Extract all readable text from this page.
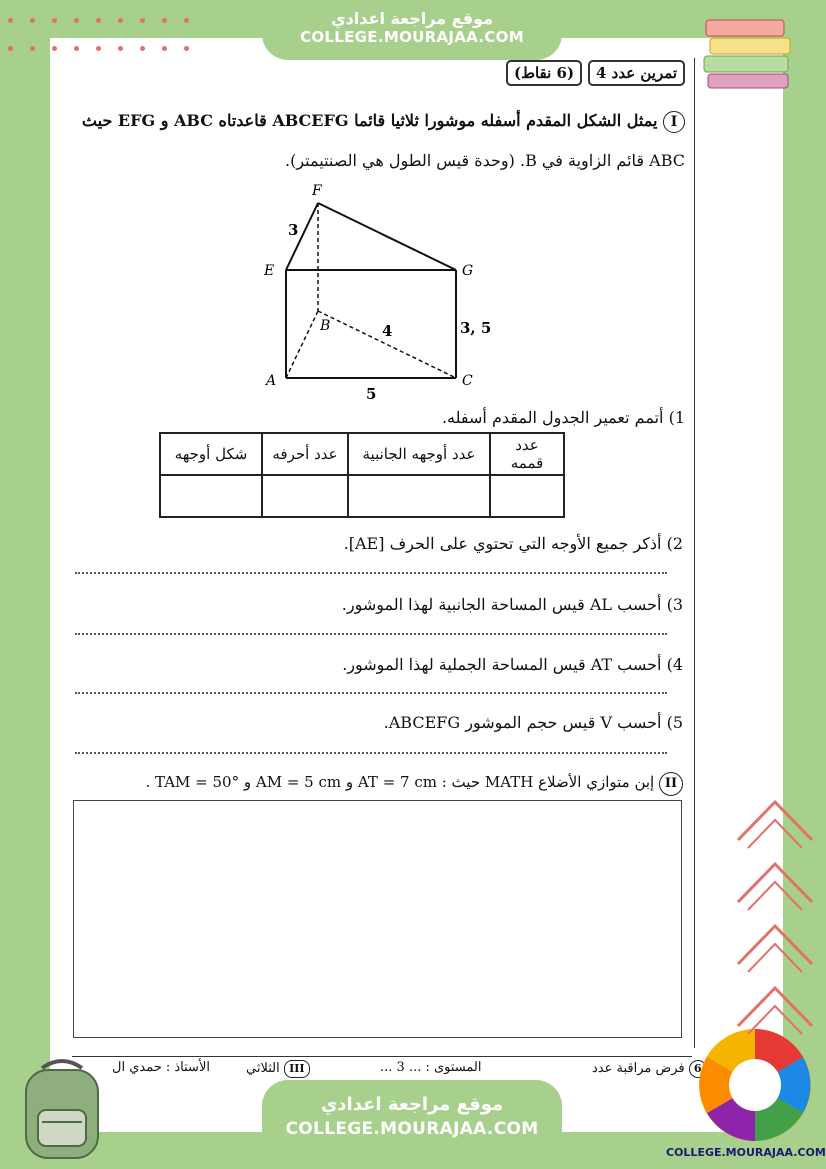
موقع مراجعة اعدادي
COLLEGE.MOURAJAA.COM
تمرين عدد 4
(6 نقاط)
I يمثل الشكل المقدم أسفله موشورا ثلاثيا قائما ABCEFG قاعدتاه ABC و EFG حيث
ABC قائم الزاوية في B. (وحدة قيس الطول هي الصنتيمتر).
F
E	G
B
A	C
3
4	3, 5
5
1) أتمم تعمير الجدول المقدم أسفله.
عدد قممه	عدد أوجهه الجانبية	عدد أحرفه	شكل أوجهه

2) أذكر جميع الأوجه التي تحتوي على الحرف [AE].
3) أحسب AL قيس المساحة الجانبية لهذا الموشور.
4) أحسب AT قيس المساحة الجملية لهذا الموشور.
5) أحسب V قيس حجم الموشور ABCEFG.
II إبن متوازي الأضلاع MATH حيث : AT = 7 cm و AM = 5 cm و TAM = 50° .
الأستاذ : حمدي ال	III الثلاثي	المستوى : ... 3 ...	6 فرض مراقبة عدد
موقع مراجعة اعدادي
COLLEGE.MOURAJAA.COM
COLLEGE.MOURAJAA.COM
